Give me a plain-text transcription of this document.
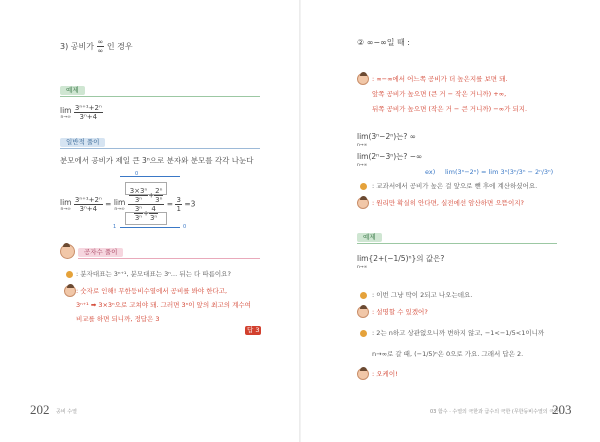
3) 공비가 $\frac{\infty}{\infty}$ 인 경우
예제
lim
n→∞
$\frac{\text{3ⁿ⁺¹+2ⁿ}}{\text{3ⁿ+4}}$
일반적 풀이
분모에서 공비가 제일 큰 3ⁿ으로 분자와 분모를 각각 나눈다
0
lim
n→∞
$\frac{\text{3ⁿ⁺¹+2ⁿ}}{\text{3ⁿ+4}} = \lim$
n→∞
$\frac{\frac{\text{3×3ⁿ}}{\text{3ⁿ}} + \frac{\text{2ⁿ}}{\text{3ⁿ}}}{\frac{\text{3ⁿ}}{\text{3ⁿ}} + \frac{4}{\text{3ⁿ}}} = \frac{3}{1} =3$
1	0
공자수 풀이
: 분자대표는 3ⁿ⁺¹, 분모대표는 3ⁿ… 뒤는 다 따름이요?
: 숫자로 인해! 무한등비수열에서 공비를 봐야 한다고,
3ⁿ⁺¹ ➡ 3×3ⁿ으로 고쳐야 돼. 그러면 3ⁿ이 앞의 최고의 계수여
비교를 하면 되니까, 정답은 3
답 3
202 공비 수열
② ∞−∞일 때 :
: ∞−∞에서 어느쪽 공비가 더 높은지를 보면 돼.
앞쪽 공비가 높으면 (큰 거 − 작은 거니까) +∞,
뒤쪽 공비가 높으면 (작은 거 − 큰 거니까) −∞가 되지.
lim(3ⁿ−2ⁿ)는? ∞
n→∞
lim(2ⁿ−3ⁿ)는? −∞
n→∞
ex) lim(3ⁿ−2ⁿ) = lim 3ⁿ(3ⁿ/3ⁿ − 2ⁿ/3ⁿ)
: 교과서에서 공비가 높은 걸 앞으로 뺀 후에 계산하셨어요.
: 원리만 확실히 안다면, 실전에선 암산하면 으뜸이지?
예제
lim{2+(−1/5)ⁿ}의 값은?
n→∞
: 이번 그냥 딱이 2되고 나오는데요.
: 설명할 수 있겠어?
: 2는 n하고 상관없으니까 변하지 않고, −1<−1/5<1이니까
n→∞로 갈 때, (−1/5)ⁿ은 0으로 가요. 그래서 답은 2.
: 오케이!
03 함수 · 수열의 극한과 급수의 극한 (무한등비수열의 극한)
203
